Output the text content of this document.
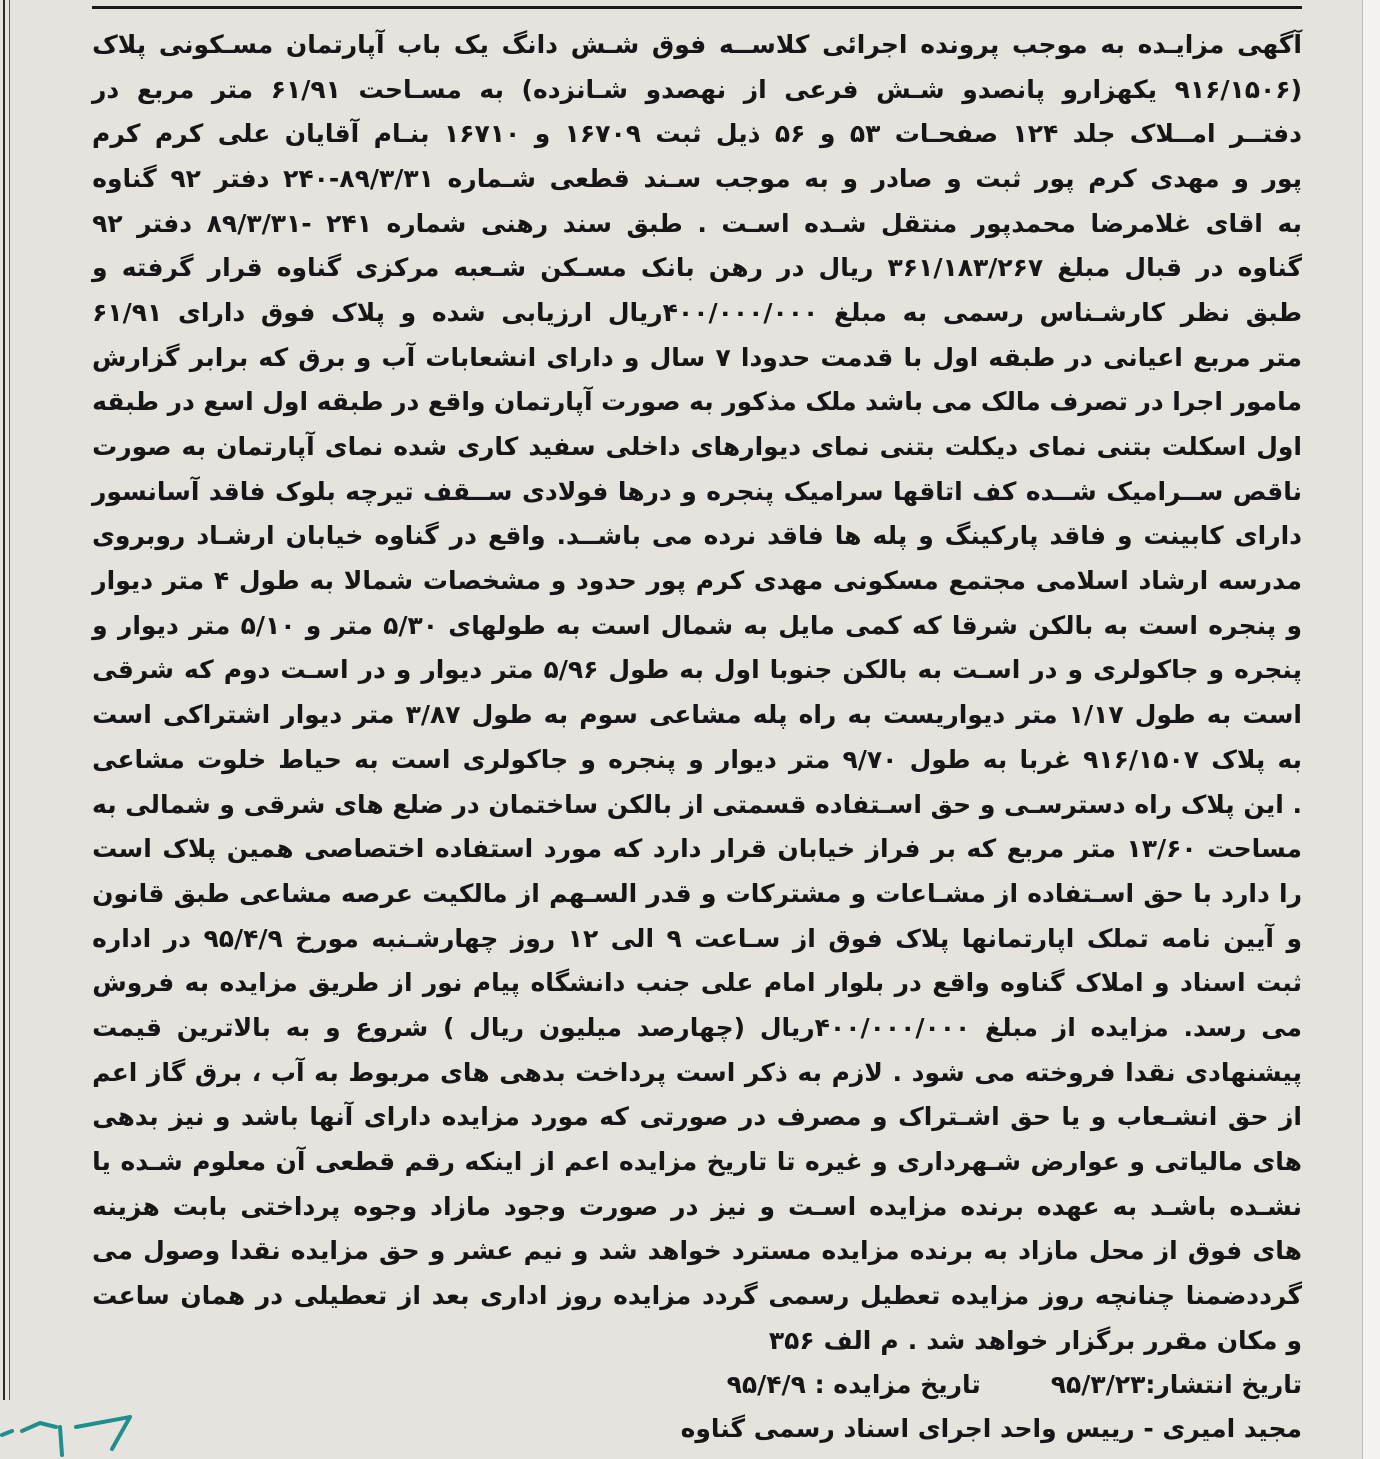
آگهی
مزایـده
به
موجب
پرونده
اجرائی
کلاســه
فوق
شـش
دانگ
یک
باب
آپارتمان
مسـکونی
پلاک
(۹۱۶/۱۵۰۶
یکهزارو
پانصدو
شـش
فرعی
از
نهصدو
شـانزده)
به
مسـاحت
۶۱/۹۱
متر
مربع
در
دفتــر
امــلاک
جلد
۱۲۴
صفحـات
۵۳
و
۵۶
ذیل
ثبت
۱۶۷۰۹
و
۱۶۷۱۰
بنـام
آقایان
علی
کرم
کرم
پور
و
مهدی
کرم
پور
ثبت
و
صادر
و
به
موجب
سـند
قطعی
شـماره
۲۴۰-۸۹/۳/۳۱
دفتر
۹۲
گناوه
به
اقای
غلامرضا
محمدپور
منتقل
شـده
اسـت
.
طبق
سند
رهنی
شماره
۲۴۱
-۸۹/۳/۳۱
دفتر
۹۲
گناوه
در
قبال
مبلغ
۳۶۱/۱۸۳/۲۶۷
ریال
در
رهن
بانک
مسـکن
شـعبه
مرکزی
گناوه
قرار
گرفته
و
طبق
نظر
کارشـناس
رسمی
به
مبلغ
۴۰۰/۰۰۰/۰۰۰ریال
ارزیابی
شده
و
پلاک
فوق
دارای
۶۱/۹۱
متر
مربع
اعیانی
در
طبقه
اول
با
قدمت
حدودا
۷
سال
و
دارای
انشعابات
آب
و
برق
که
برابر
گزارش
مامور
اجرا
در
تصرف
مالک
می
باشد
ملک
مذکور
به
صورت
آپارتمان
واقع
در
طبقه
اول
اسع
در
طبقه
اول
اسکلت
بتنی
نمای
دیکلت
بتنی
نمای
دیوارهای
داخلی
سفید
کاری
شده
نمای
آپارتمان
به
صورت
ناقص
ســرامیک
شــده
کف
اتاقها
سرامیک
پنجره
و
درها
فولادی
ســقف
تیرچه
بلوک
فاقد
آسانسور
دارای
کابینت
و
فاقد
پارکینگ
و
پله
ها
فاقد
نرده
می
باشــد.
واقع
در
گناوه
خیابان
ارشـاد
روبروی
مدرسه
ارشاد
اسلامی
مجتمع
مسکونی
مهدی
کرم
پور
حدود
و
مشخصات
شمالا
به
طول
۴
متر
دیوار
و
پنجره
است
به
بالکن
شرقا
که
کمی
مایل
به
شمال
است
به
طولهای
۵/۳۰
متر
و
۵/۱۰
متر
دیوار
و
پنجره
و
جاکولری
و
در
اسـت
به
بالکن
جنوبا
اول
به
طول
۵/۹۶
متر
دیوار
و
در
اسـت
دوم
که
شرقی
است
به
طول
۱/۱۷
متر
دیواریست
به
راه
پله
مشاعی
سوم
به
طول
۳/۸۷
متر
دیوار
اشتراکی
است
به
پلاک
۹۱۶/۱۵۰۷
غربا
به
طول
۹/۷۰
متر
دیوار
و
پنجره
و
جاکولری
است
به
حیاط
خلوت
مشاعی
.
این
پلاک
راه
دسترسـی
و
حق
اسـتفاده
قسمتی
از
بالکن
ساختمان
در
ضلع
های
شرقی
و
شمالی
به
مساحت
۱۳/۶۰
متر
مربع
که
بر
فراز
خیابان
قرار
دارد
که
مورد
استفاده
اختصاصی
همین
پلاک
است
را
دارد
با
حق
اسـتفاده
از
مشـاعات
و
مشترکات
و
قدر
السـهم
از
مالکیت
عرصه
مشاعی
طبق
قانون
و
آیین
نامه
تملک
اپارتمانها
پلاک
فوق
از
سـاعت
۹
الی
۱۲
روز
چهارشـنبه
مورخ
۹۵/۴/۹
در
اداره
ثبت
اسناد
و
املاک
گناوه
واقع
در
بلوار
امام
علی
جنب
دانشگاه
پیام
نور
از
طریق
مزایده
به
فروش
می
رسد.
مزایده
از
مبلغ
۴۰۰/۰۰۰/۰۰۰ریال
(چهارصد
میلیون
ریال
)
شروع
و
به
بالاترین
قیمت
پیشنهادی
نقدا
فروخته
می
شود
.
لازم
به
ذکر
است
پرداخت
بدهی
های
مربوط
به
آب
،
برق
گاز
اعم
از
حق
انشـعاب
و
یا
حق
اشـتراک
و
مصرف
در
صورتی
که
مورد
مزایده
دارای
آنها
باشد
و
نیز
بدهی
های
مالیاتی
و
عوارض
شـهرداری
و
غیره
تا
تاریخ
مزایده
اعم
از
اینکه
رقم
قطعی
آن
معلوم
شـده
یا
نشـده
باشـد
به
عهده
برنده
مزایده
اسـت
و
نیز
در
صورت
وجود
مازاد
وجوه
پرداختی
بابت
هزینه
های
فوق
از
محل
مازاد
به
برنده
مزایده
مسترد
خواهد
شد
و
نیم
عشر
و
حق
مزایده
نقدا
وصول
می
گرددضمنا
چنانچه
روز
مزایده
تعطیل
رسمی
گردد
مزایده
روز
اداری
بعد
از
تعطیلی
در
همان
ساعت
و
مکان
مقرر
برگزار
خواهد
شد
.
م
الف
۳۵۶
تاریخ انتشار:
۹۵/۳/۲۳
تاریخ مزایده :

۹۵/۴/۹
مجید امیری - رییس واحد اجرای اسناد رسمی گناوه
